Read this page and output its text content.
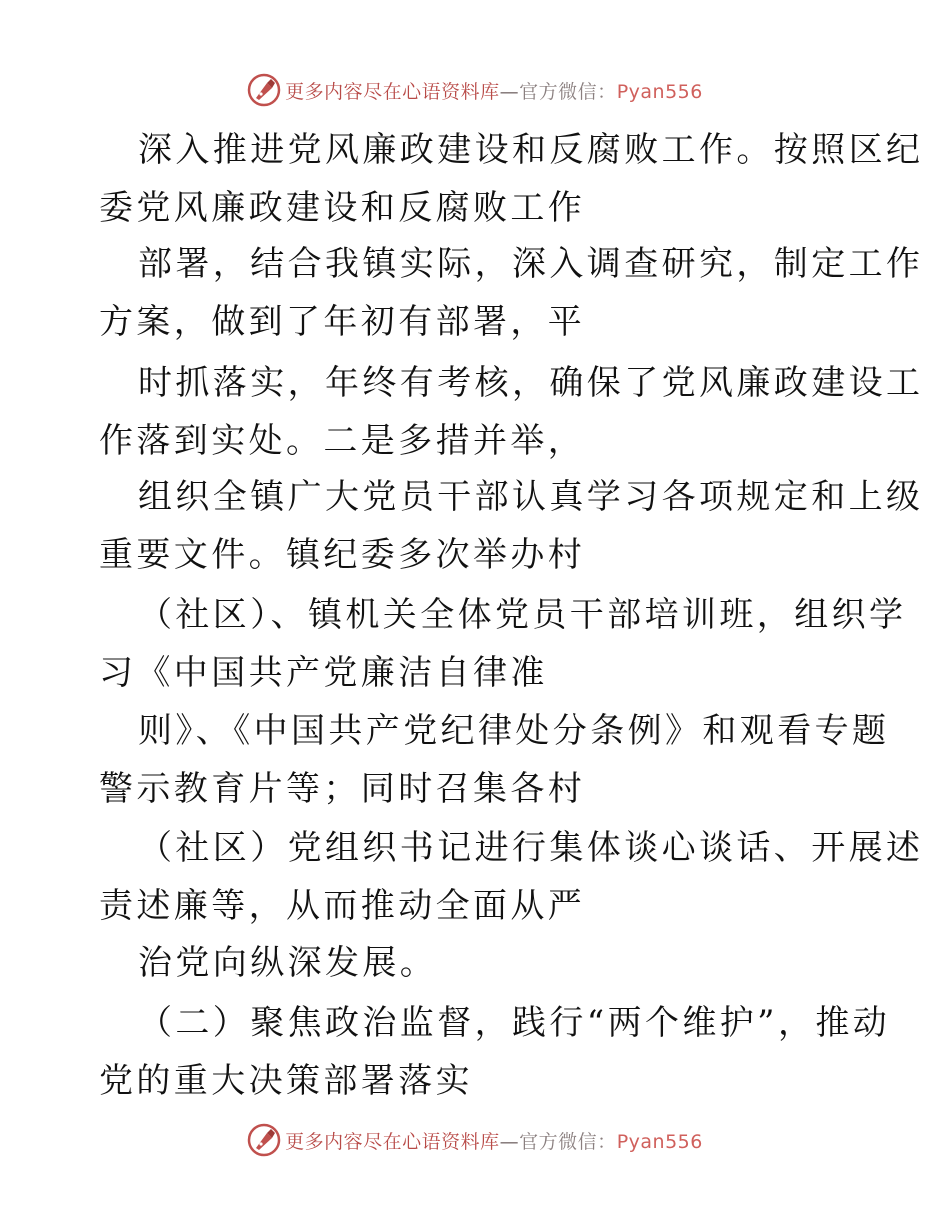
更多内容尽在心语资料库—官方微信：Pyan556
深入推进党风廉政建设和反腐败工作。按照区纪
委党风廉政建设和反腐败工作
部署，结合我镇实际，深入调查研究，制定工作
方案，做到了年初有部署，平
时抓落实，年终有考核，确保了党风廉政建设工
作落到实处。二是多措并举，
组织全镇广大党员干部认真学习各项规定和上级
重要文件。镇纪委多次举办村
（社区）、镇机关全体党员干部培训班，组织学
习《中国共产党廉洁自律准
则》、《中国共产党纪律处分条例》和观看专题
警示教育片等；同时召集各村
（社区）党组织书记进行集体谈心谈话、开展述
责述廉等，从而推动全面从严
治党向纵深发展。
（二）聚焦政治监督，践行“两个维护”，推动
党的重大决策部署落实
更多内容尽在心语资料库—官方微信：Pyan556
